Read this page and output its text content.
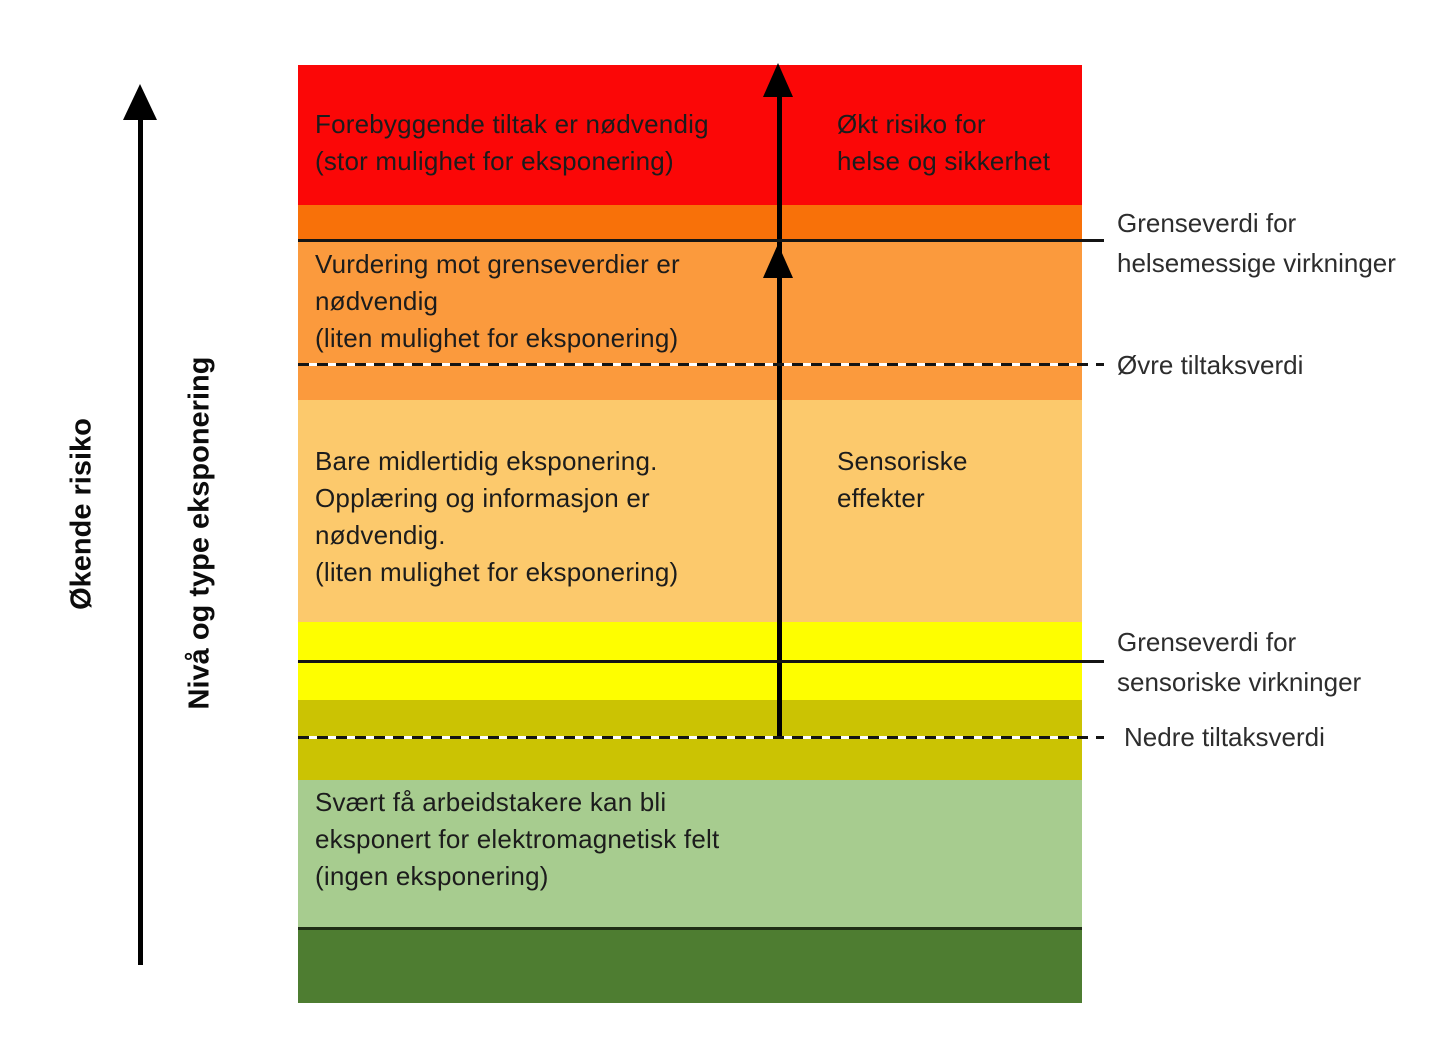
Økende risiko	Nivå og type eksponering
Forebyggende tiltak er nødvendig
(stor mulighet for eksponering)
Økt risiko for
helse og sikkerhet
Vurdering mot grenseverdier er
nødvendig
(liten mulighet for eksponering)
Bare midlertidig eksponering.
Opplæring og informasjon er
nødvendig.
(liten mulighet for eksponering)
Sensoriske
effekter
Svært få arbeidstakere kan bli
eksponert for elektromagnetisk felt
(ingen eksponering)
Grenseverdi for
helsemessige virkninger
Øvre tiltaksverdi
Grenseverdi for
sensoriske virkninger
Nedre tiltaksverdi
